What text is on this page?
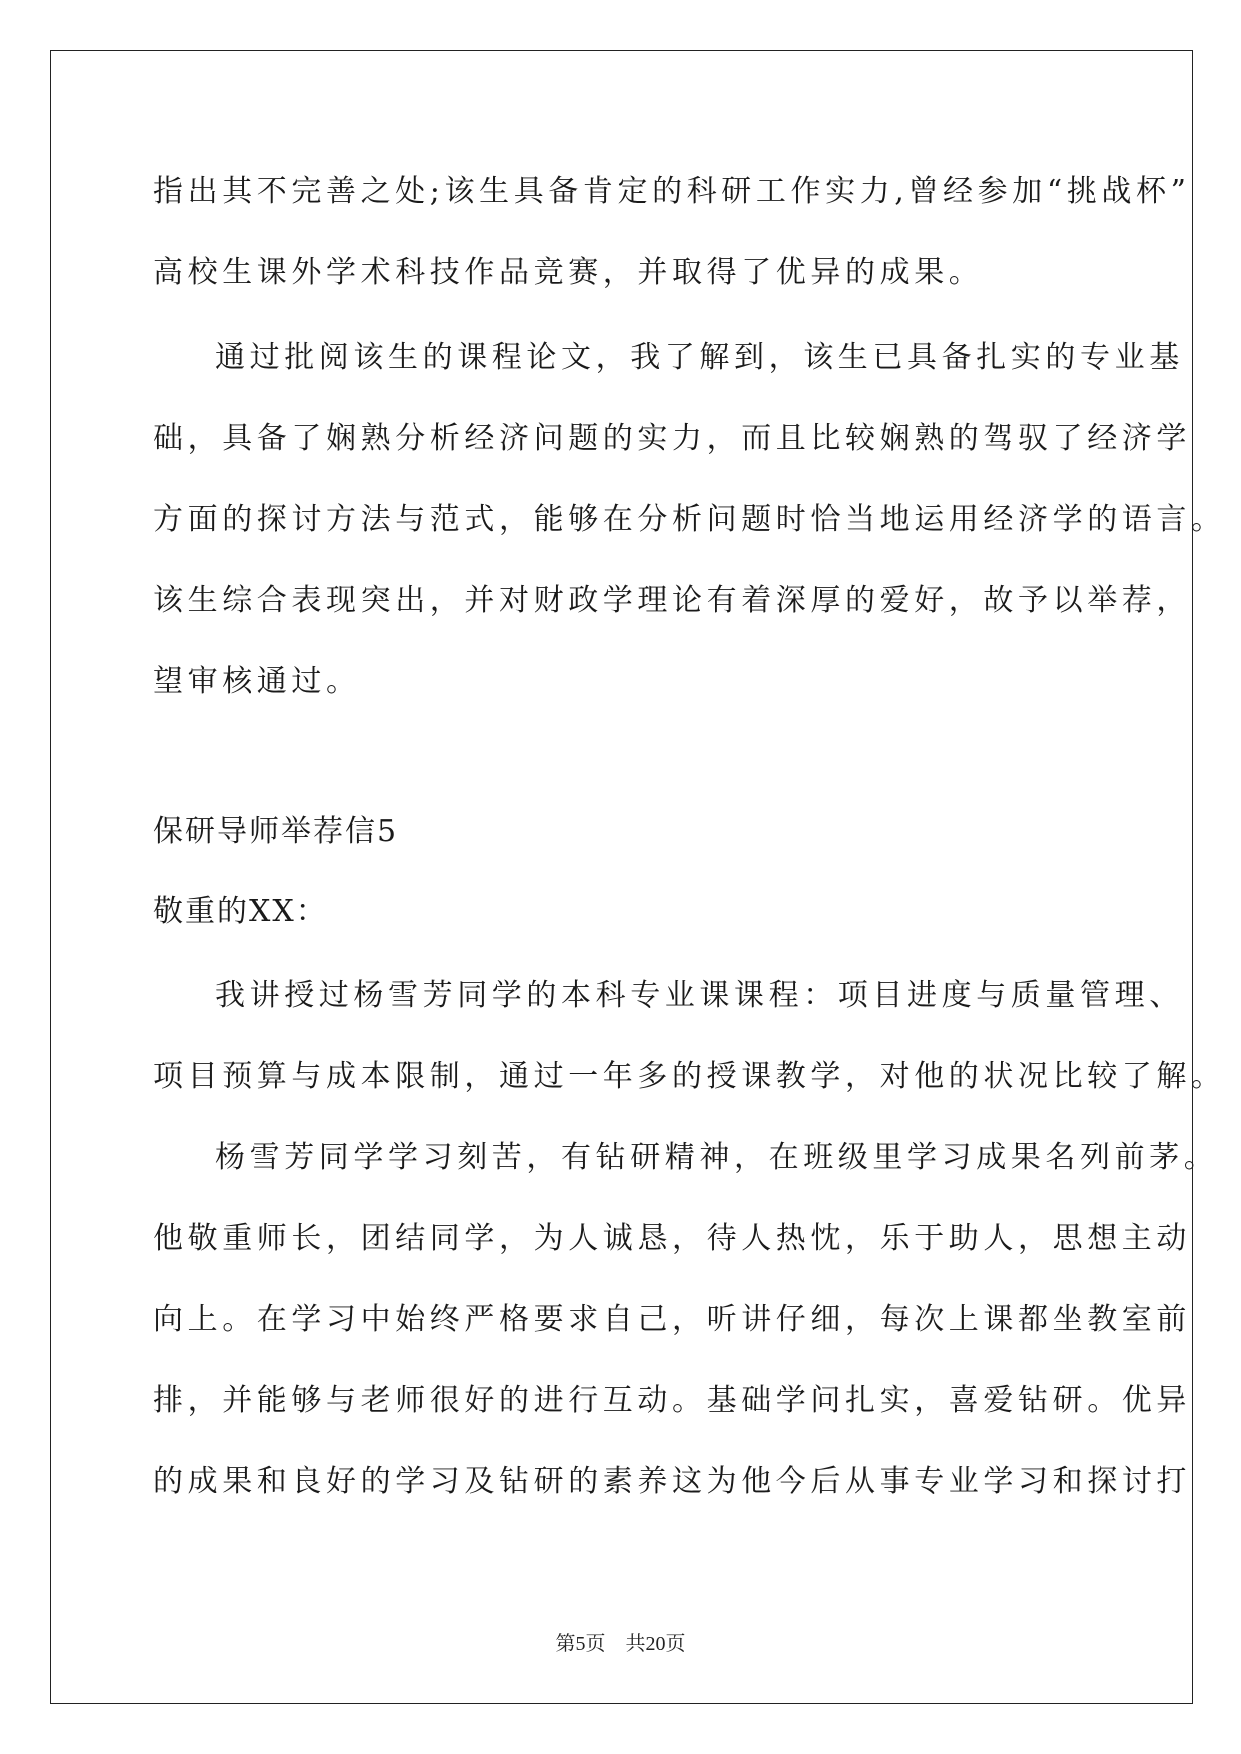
指出其不完善之处;该生具备肯定的科研工作实力,曾经参加“挑战杯”
高校生课外学术科技作品竞赛，并取得了优异的成果。
通过批阅该生的课程论文，我了解到，该生已具备扎实的专业基
础，具备了娴熟分析经济问题的实力，而且比较娴熟的驾驭了经济学
方面的探讨方法与范式，能够在分析问题时恰当地运用经济学的语言。
该生综合表现突出，并对财政学理论有着深厚的爱好，故予以举荐，
望审核通过。
保研导师举荐信5
敬重的XX：
我讲授过杨雪芳同学的本科专业课课程：项目进度与质量管理、
项目预算与成本限制，通过一年多的授课教学，对他的状况比较了解。
杨雪芳同学学习刻苦，有钻研精神，在班级里学习成果名列前茅。
他敬重师长，团结同学，为人诚恳，待人热忱，乐于助人，思想主动
向上。在学习中始终严格要求自己，听讲仔细，每次上课都坐教室前
排，并能够与老师很好的进行互动。基础学问扎实，喜爱钻研。优异
的成果和良好的学习及钻研的素养这为他今后从事专业学习和探讨打
第5页　共20页
